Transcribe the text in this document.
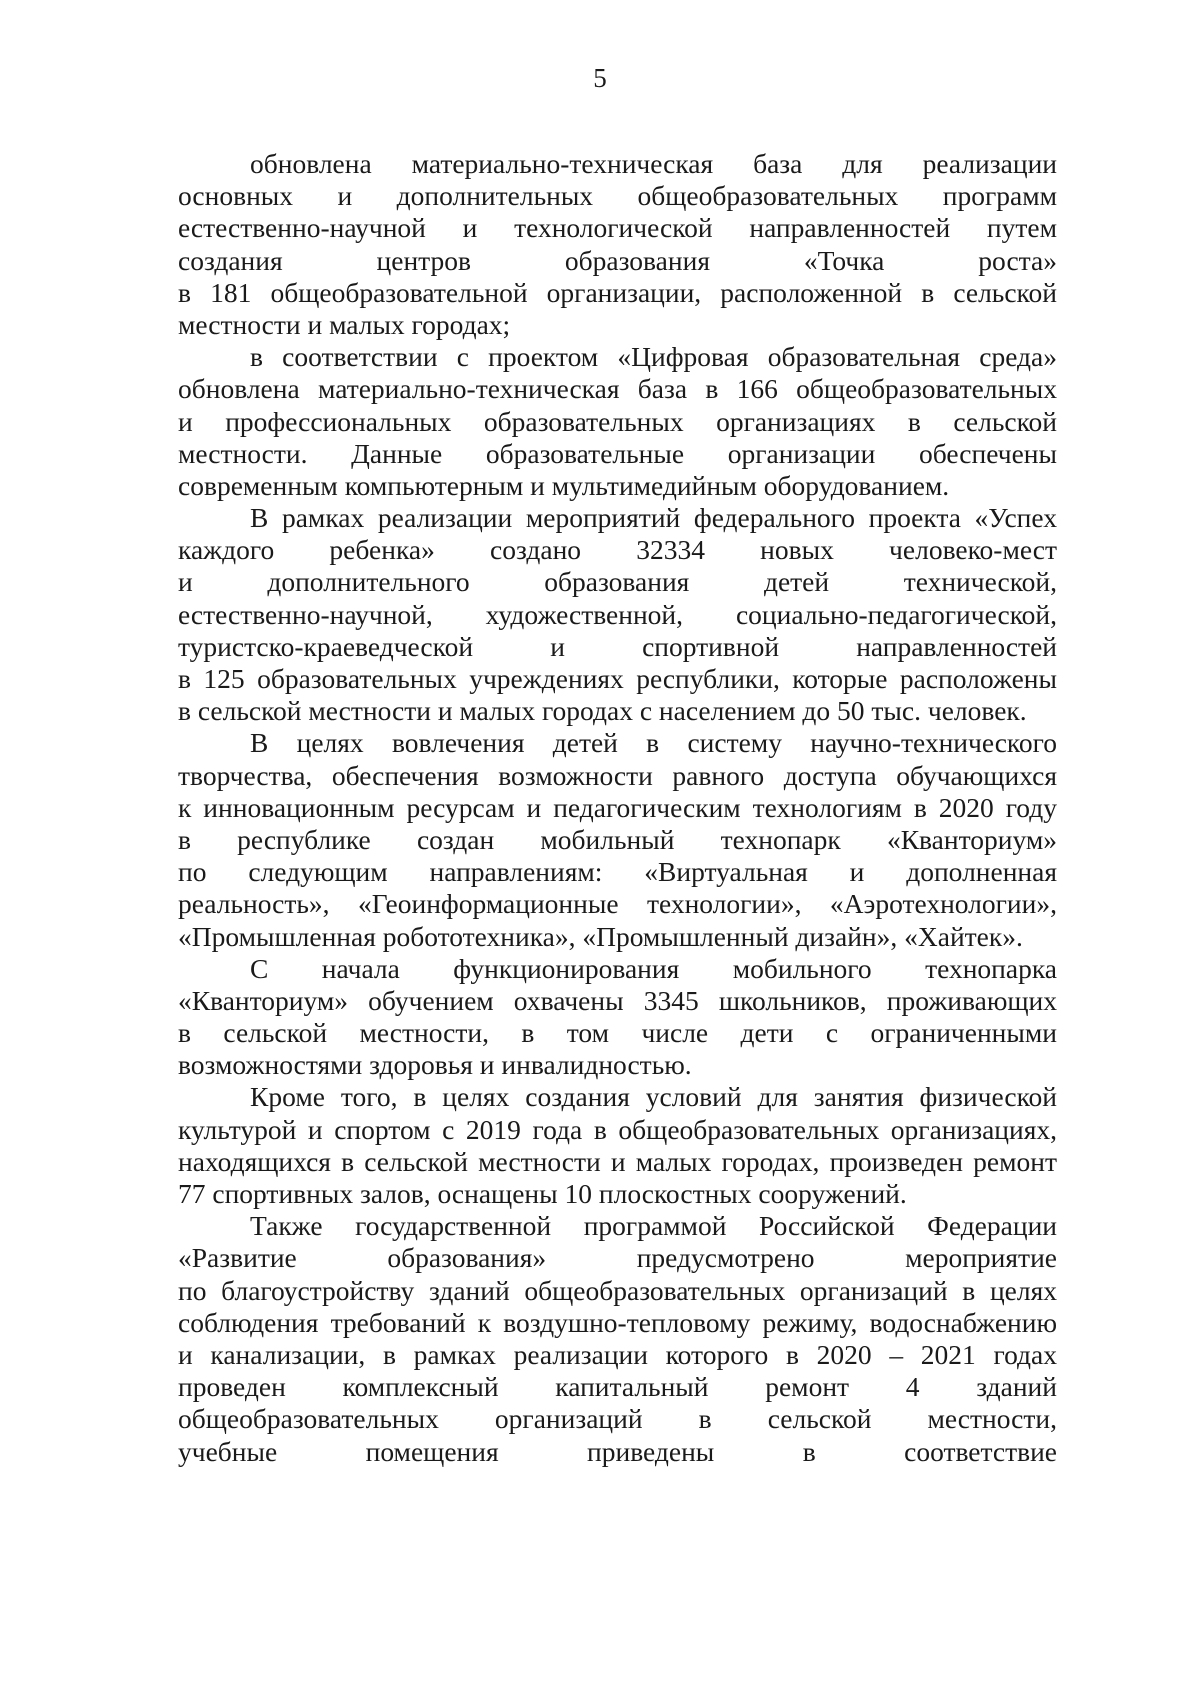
5
обновлена материально-техническая база для реализации
основных и дополнительных общеобразовательных программ
естественно-научной и технологической направленностей путем
создания центров образования «Точка роста»
в 181 общеобразовательной организации, расположенной в сельской
местности и малых городах;
в соответствии с проектом «Цифровая образовательная среда»
обновлена материально-техническая база в 166 общеобразовательных
и профессиональных образовательных организациях в сельской
местности. Данные образовательные организации обеспечены
современным компьютерным и мультимедийным оборудованием.
В рамках реализации мероприятий федерального проекта «Успех
каждого ребенка» создано 32334 новых человеко-мест
и дополнительного образования детей технической,
естественно-научной, художественной, социально-педагогической,
туристско-краеведческой и спортивной направленностей
в 125 образовательных учреждениях республики, которые расположены
в сельской местности и малых городах с населением до 50 тыс. человек.
В целях вовлечения детей в систему научно-технического
творчества, обеспечения возможности равного доступа обучающихся
к инновационным ресурсам и педагогическим технологиям в 2020 году
в республике создан мобильный технопарк «Кванториум»
по следующим направлениям: «Виртуальная и дополненная
реальность», «Геоинформационные технологии», «Аэротехнологии»,
«Промышленная робототехника», «Промышленный дизайн», «Хайтек».
С начала функционирования мобильного технопарка
«Кванториум» обучением охвачены 3345 школьников, проживающих
в сельской местности, в том числе дети с ограниченными
возможностями здоровья и инвалидностью.
Кроме того, в целях создания условий для занятия физической
культурой и спортом с 2019 года в общеобразовательных организациях,
находящихся в сельской местности и малых городах, произведен ремонт
77 спортивных залов, оснащены 10 плоскостных сооружений.
Также государственной программой Российской Федерации
«Развитие образования» предусмотрено мероприятие
по благоустройству зданий общеобразовательных организаций в целях
соблюдения требований к воздушно-тепловому режиму, водоснабжению
и канализации, в рамках реализации которого в 2020 – 2021 годах
проведен комплексный капитальный ремонт 4 зданий
общеобразовательных организаций в сельской местности,
учебные помещения приведены в соответствие
